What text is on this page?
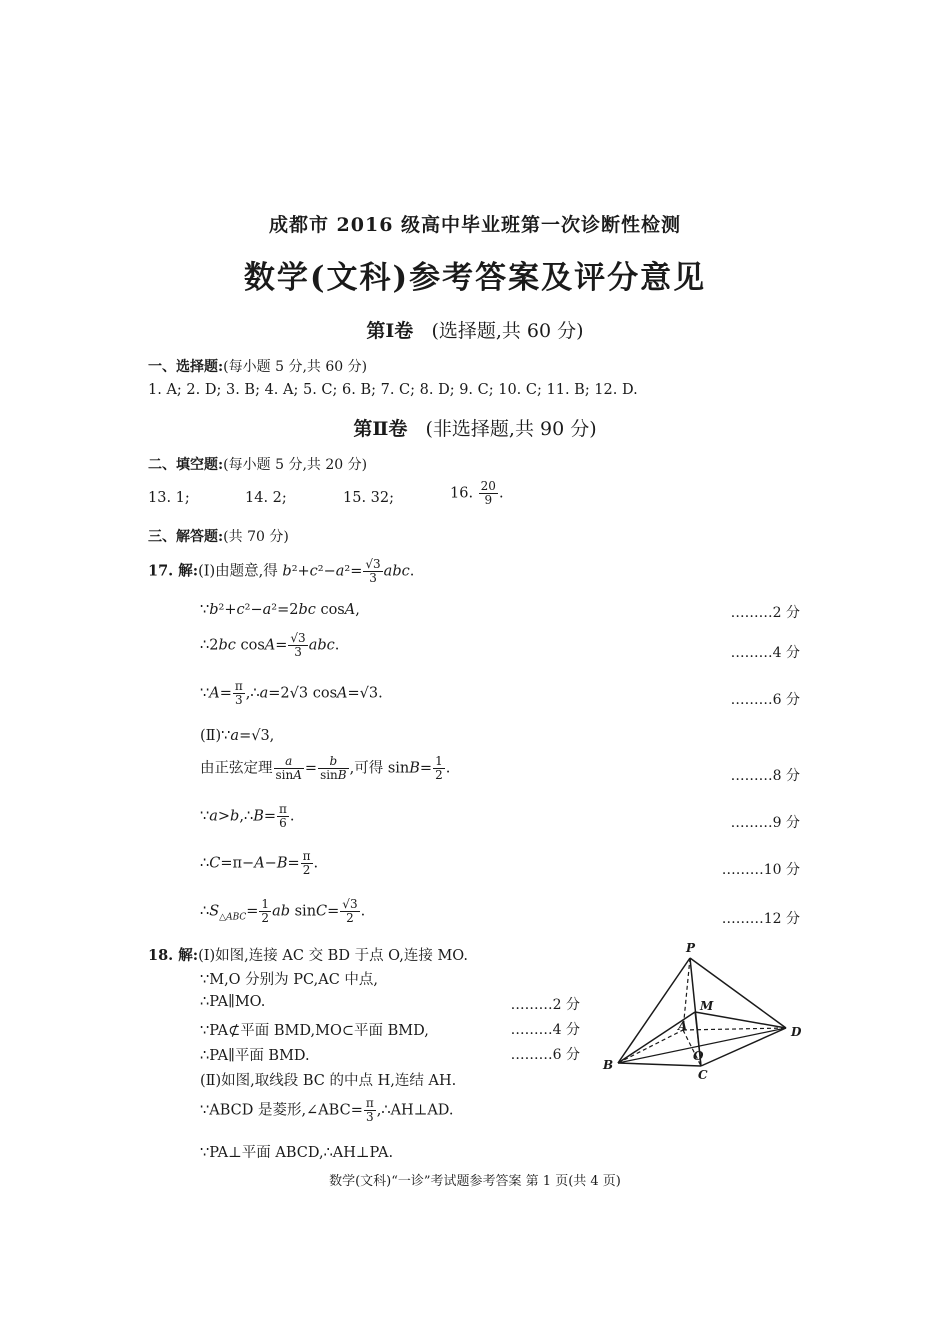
成都市 2016 级高中毕业班第一次诊断性检测
数学(文科)参考答案及评分意见
第Ⅰ卷 (选择题,共 60 分)
一、选择题:(每小题 5 分,共 60 分)
1. A; 2. D; 3. B; 4. A; 5. C; 6. B; 7. C; 8. D; 9. C; 10. C; 11. B; 12. D.
第Ⅱ卷 (非选择题,共 90 分)
二、填空题:(每小题 5 分,共 20 分)
13. 1;	14. 2;	15. 32;	16. $\frac{20}{9}$ .
三、解答题:(共 70 分)
17. 解:(Ⅰ)由题意,得 $b^2+c^2-a^2= \frac{√3}{3}$ abc.
∵b²+c²−a²=2bc cosA,	………2 分
∴2bc $\cos A= \frac{√3}{3}$ abc.	………4 分
∵A= $\frac{\pi}{3}$ ,∴a=2√3 cosA=√3.	………6 分
(Ⅱ)∵a=√3,
由正弦定理 $\frac{a}{\sin A} = \frac{b}{\sin B}$ ,可得 $\sin B= \frac{1}{2}$ .	………8 分
∵a>b,∴B= $\frac{\pi}{6}$ .	………9 分
∴C=π−A−B= $\frac{\pi}{2}$ .	………10 分
$\therefore S_{\triangle ABC}= \frac{1}{2}$ ab $\sin C= \frac{√3}{2}$ .	………12 分
18. 解:(Ⅰ)如图,连接 AC 交 BD 于点 O,连接 MO.
∵M,O 分别为 PC,AC 中点,
∴PA∥MO.	………2 分
∵PA⊄平面 BMD,MO⊂平面 BMD,	………4 分
∴PA∥平面 BMD.	………6 分
(Ⅱ)如图,取线段 BC 的中点 H,连结 AH.
∵ABCD 是菱形,∠ABC= $\frac{\pi}{3}$ ,∴AH⊥AD.
∵PA⊥平面 ABCD,∴AH⊥PA.
P
M
A	D
B
O
C
数学(文科)“一诊”考试题参考答案 第 1 页(共 4 页)
